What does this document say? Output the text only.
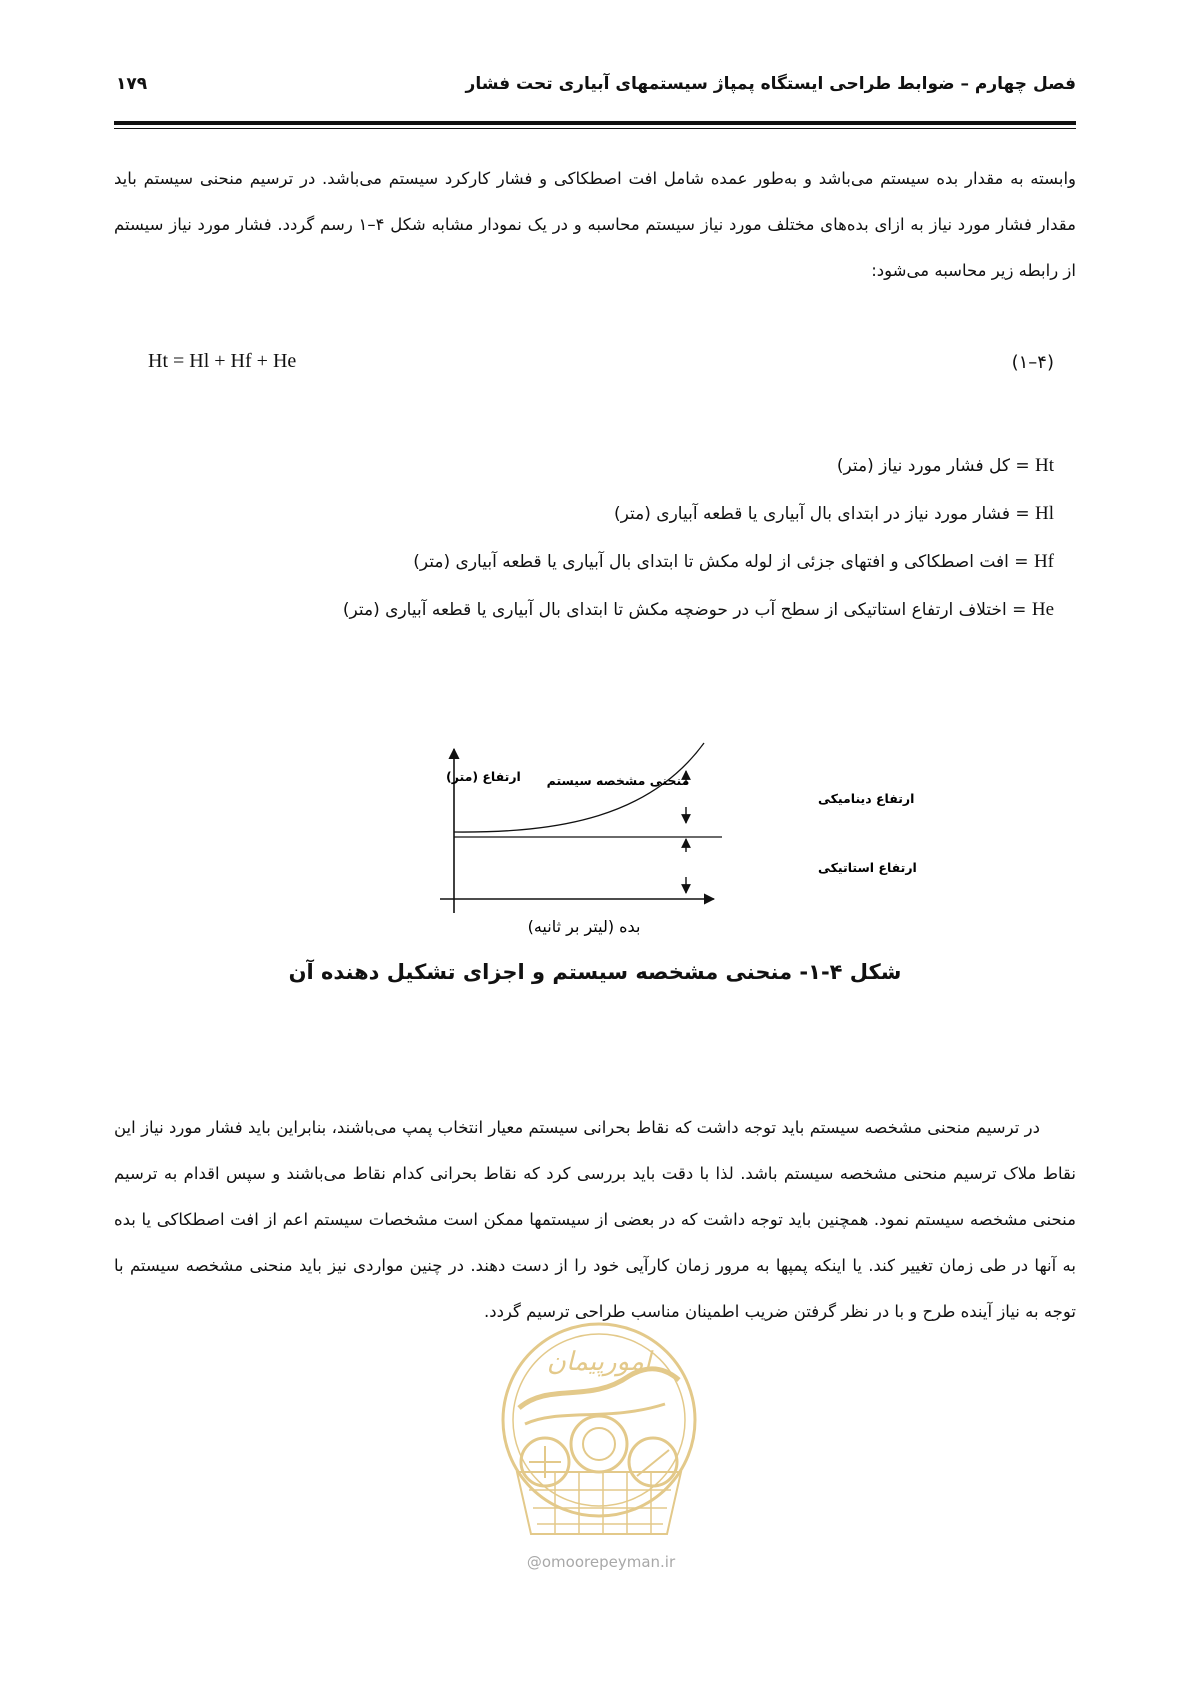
فصل چهارم – ضوابط طراحی ایستگاه پمپاژ سیستمهای آبیاری تحت فشار
۱۷۹

وابسته به مقدار بده سیستم می‌باشد و به‌طور عمده شامل افت اصطکاکی و فشار کارکرد سیستم می‌باشد. در ترسیم منحنی سیستم باید مقدار فشار مورد نیاز به ازای بده‌های مختلف مورد نیاز سیستم محاسبه و در یک نمودار مشابه شکل ۴–۱ رسم گردد. فشار مورد نیاز سیستم از رابطه زیر محاسبه می‌شود:

Ht = Hl + Hf + He	(۱–۴)
Ht = کل فشار مورد نیاز (متر)
Hl = فشار مورد نیاز در ابتدای بال آبیاری یا قطعه آبیاری (متر)
Hf = افت اصطکاکی و افتهای جزئی از لوله مکش تا ابتدای بال آبیاری یا قطعه آبیاری (متر)
He = اختلاف ارتفاع استاتیکی از سطح آب در حوضچه مکش تا ابتدای بال آبیاری یا قطعه آبیاری (متر)
ارتفاع (متر) منحنی مشخصه سیستم
ارتفاع دینامیکی
ارتفاع استاتیکی
بده (لیتر بر ثانیه)
شکل ۴-۱- منحنی مشخصه سیستم و اجزای تشکیل دهنده آن

در ترسیم منحنی مشخصه سیستم باید توجه داشت که نقاط بحرانی سیستم معیار انتخاب پمپ می‌باشند، بنابراین باید فشار مورد نیاز این نقاط ملاک ترسیم منحنی مشخصه سیستم باشد. لذا با دقت باید بررسی کرد که نقاط بحرانی کدام نقاط می‌باشند و سپس اقدام به ترسیم منحنی مشخصه سیستم نمود. همچنین باید توجه داشت که در بعضی از سیستمها ممکن است مشخصات سیستم اعم از افت اصطکاکی یا بده به آنها در طی زمان تغییر کند. یا اینکه پمپها به مرور زمان کارآیی خود را از دست دهند. در چنین مواردی نیز باید منحنی مشخصه سیستم با توجه به نیاز آینده طرح و با در نظر گرفتن ضریب اطمینان مناسب طراحی ترسیم گردد.

امورپیمان
@omoorepeyman.ir
